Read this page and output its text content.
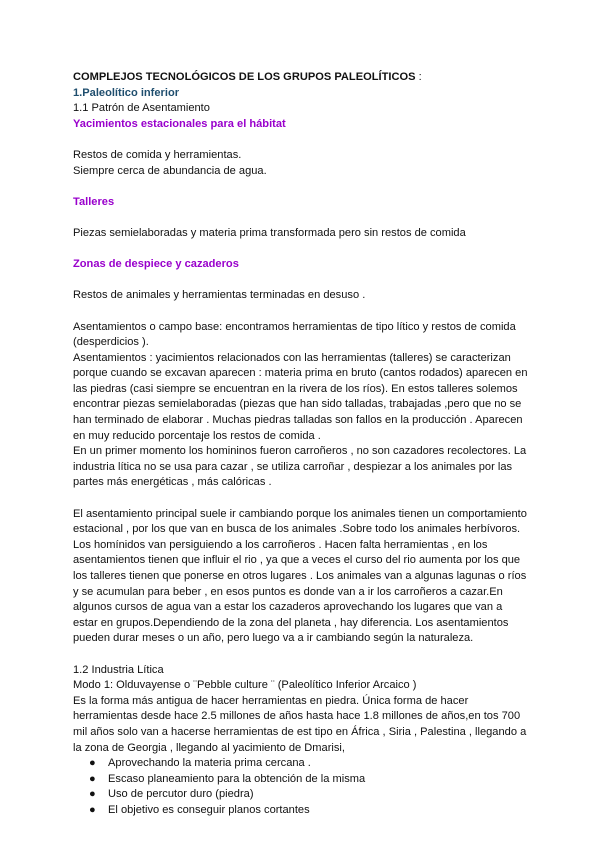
COMPLEJOS TECNOLÓGICOS DE LOS GRUPOS PALEOLÍTICOS :

1.Paleolítico inferior

1.1 Patrón de Asentamiento

Yacimientos estacionales para el hábitat

Restos de comida y herramientas.

Siempre cerca de abundancia de agua.

Talleres

Piezas semielaboradas y materia prima transformada pero sin restos de comida

Zonas de despiece y cazaderos

Restos de animales y herramientas terminadas en desuso .

Asentamientos o campo base: encontramos herramientas de tipo lítico y restos de comida

(desperdicios ).

Asentamientos : yacimientos relacionados con las herramientas (talleres) se caracterizan

porque cuando se excavan aparecen : materia prima en bruto (cantos rodados) aparecen en

las piedras (casi siempre se encuentran en la rivera de los ríos). En estos talleres solemos

encontrar piezas semielaboradas (piezas que han sido talladas, trabajadas ,pero que no se

han terminado de elaborar . Muchas piedras talladas son fallos en la producción . Aparecen

en muy reducido porcentaje los restos de comida .

En un primer momento los homininos fueron carroñeros , no son cazadores recolectores. La

industria lítica no se usa para cazar , se utiliza carroñar , despiezar a los animales por las

partes más energéticas , más calóricas .

El asentamiento principal suele ir cambiando porque los animales tienen un comportamiento

estacional , por los que van en busca de los animales .Sobre todo los animales herbívoros.

Los homínidos van persiguiendo a los carroñeros . Hacen falta herramientas , en los

asentamientos tienen que influir el rio , ya que a veces el curso del rio aumenta por los que

los talleres tienen que ponerse en otros lugares . Los animales van a algunas lagunas o ríos

y se acumulan para beber , en esos puntos es donde van a ir los carroñeros a cazar.En

algunos cursos de agua van a estar los cazaderos aprovechando los lugares que van a

estar en grupos.Dependiendo de la zona del planeta , hay diferencia. Los asentamientos

pueden durar meses o un año, pero luego va a ir cambiando según la naturaleza.

1.2 Industria Lítica

Modo 1: Olduvayense o ¨Pebble culture ¨ (Paleolítico Inferior Arcaico )

Es la forma más antigua de hacer herramientas en piedra. Única forma de hacer

herramientas desde hace 2.5 millones de años hasta hace 1.8 millones de años,en tos 700

mil años solo van a hacerse herramientas de est tipo en África , Siria , Palestina , llegando a

la zona de Georgia , llegando al yacimiento de Dmarisi,

● Aprovechando la materia prima cercana .
● Escaso planeamiento para la obtención de la misma
● Uso de percutor duro (piedra)
● El objetivo es conseguir planos cortantes
